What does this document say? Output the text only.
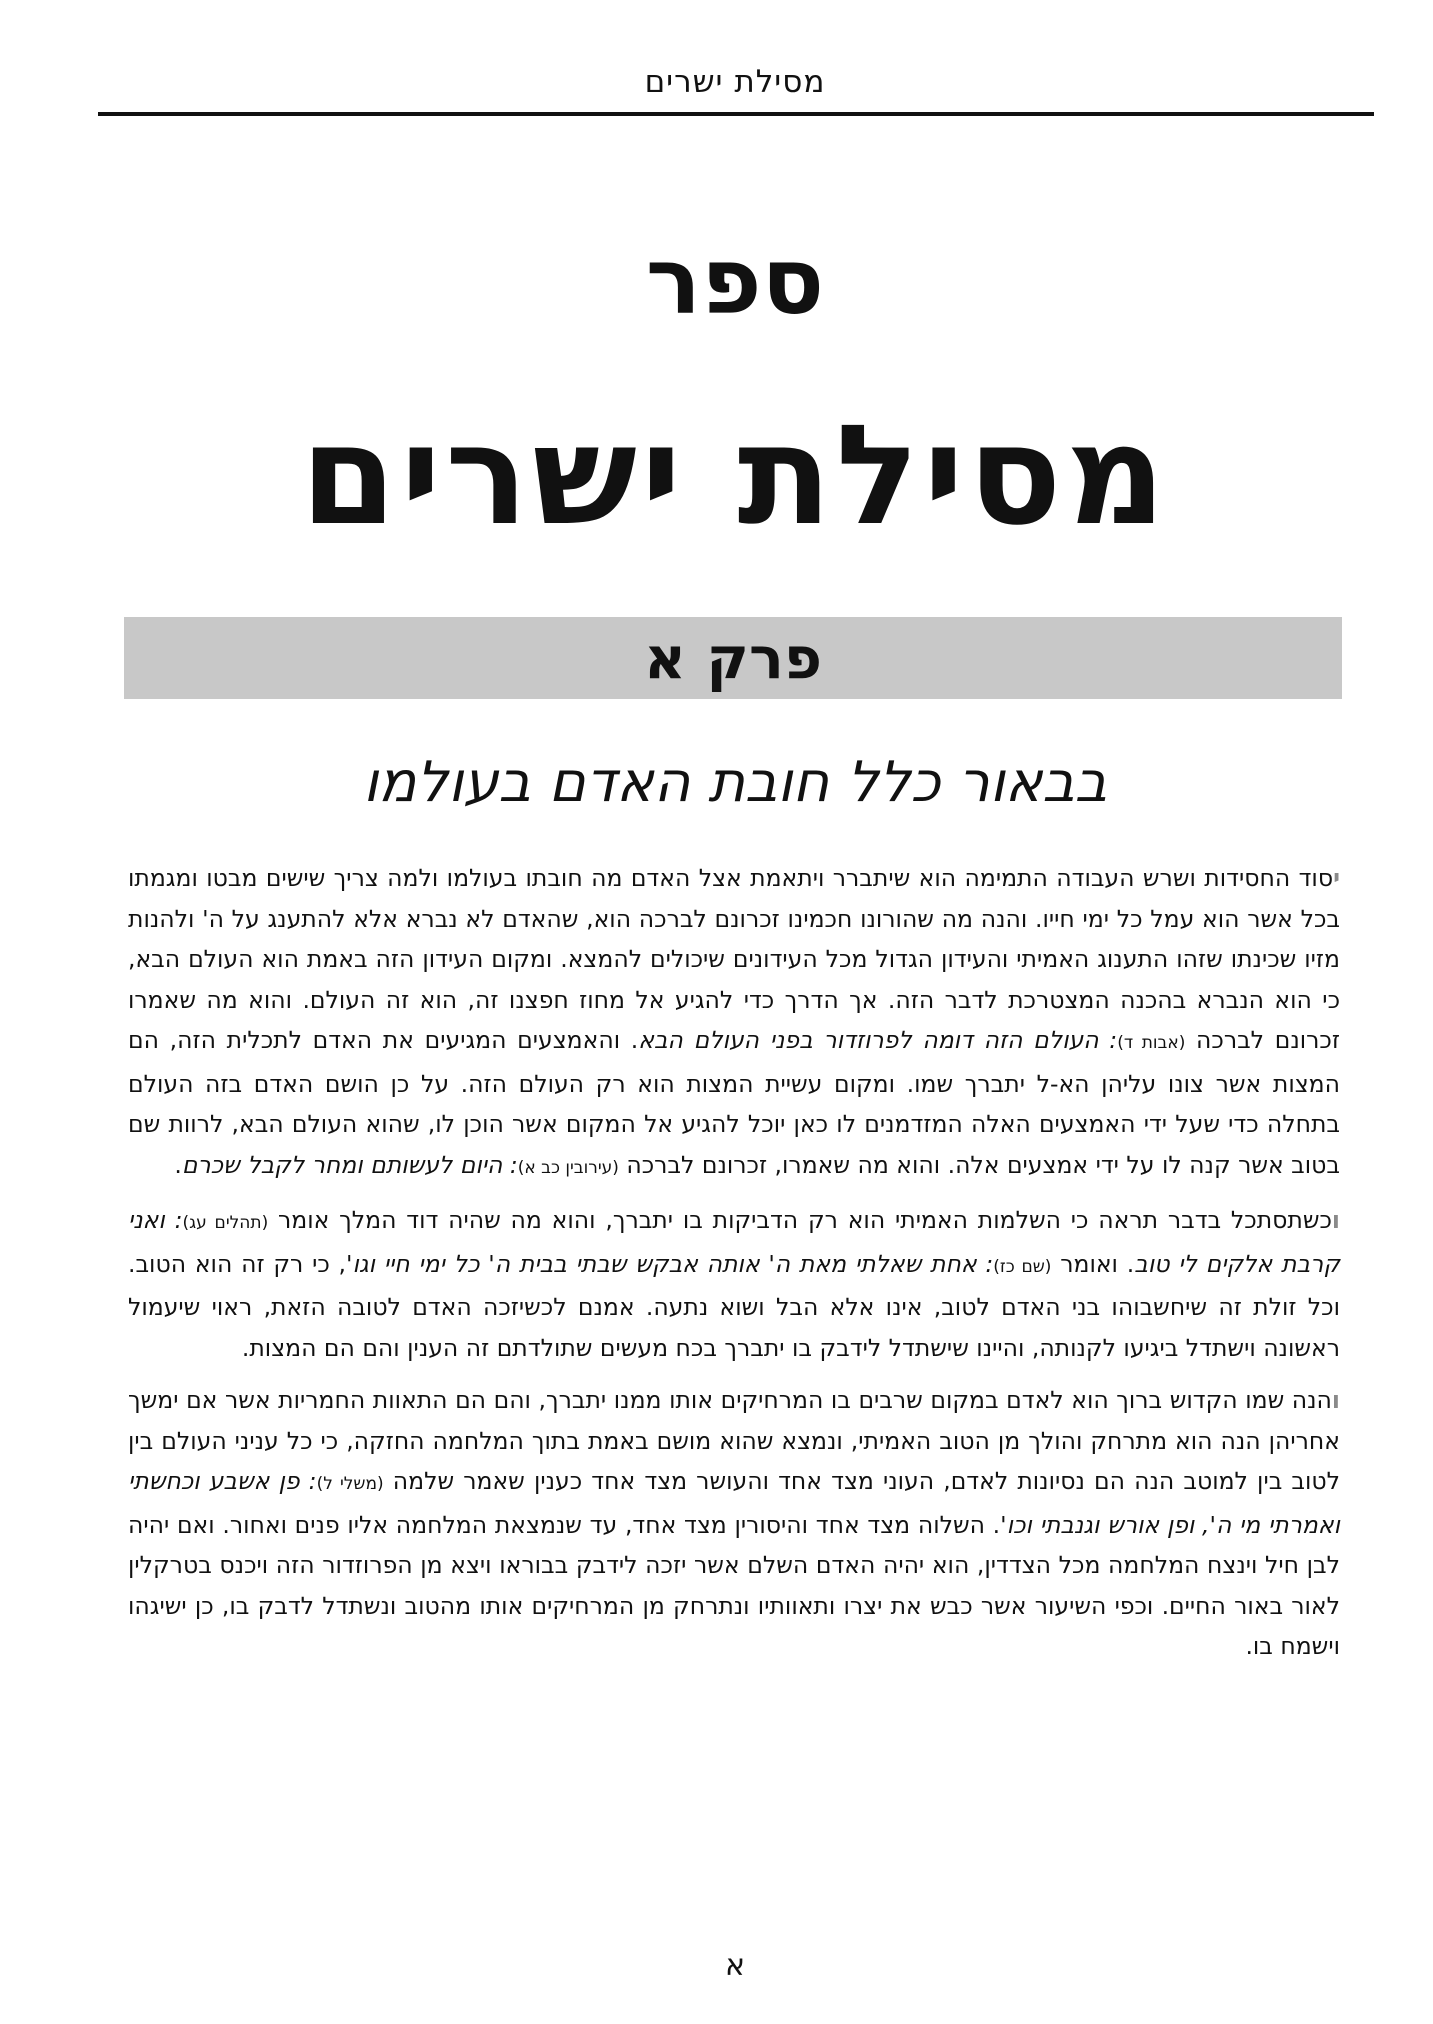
מסילת ישרים
ספר
מסילת ישרים
פרק א
בבאור כלל חובת האדם בעולמו

יסוד החסידות ושרש העבודה התמימה הוא שיתברר ויתאמת אצל האדם מה חובתו בעולמו ולמה צריך שישים מבטו ומגמתו בכל אשר הוא עמל כל ימי חייו. והנה מה שהורונו חכמינו זכרונם לברכה הוא, שהאדם לא נברא אלא להתענג על ה' ולהנות מזיו שכינתו שזהו התענוג האמיתי והעידון הגדול מכל העידונים שיכולים להמצא. ומקום העידון הזה באמת הוא העולם הבא, כי הוא הנברא בהכנה המצטרכת לדבר הזה. אך הדרך כדי להגיע אל מחוז חפצנו זה, הוא זה העולם. והוא מה שאמרו זכרונם לברכה (אבות ד): העולם הזה דומה לפרוזדור בפני העולם הבא. והאמצעים המגיעים את האדם לתכלית הזה, הם המצות אשר צונו עליהן הא-ל יתברך שמו. ומקום עשיית המצות הוא רק העולם הזה. על כן הושם האדם בזה העולם בתחלה כדי שעל ידי האמצעים האלה המזדמנים לו כאן יוכל להגיע אל המקום אשר הוכן לו, שהוא העולם הבא, לרוות שם בטוב אשר קנה לו על ידי אמצעים אלה. והוא מה שאמרו, זכרונם לברכה (עירובין כב א): היום לעשותם ומחר לקבל שכרם.

וכשתסתכל בדבר תראה כי השלמות האמיתי הוא רק הדביקות בו יתברך, והוא מה שהיה דוד המלך אומר (תהלים עג): ואני קרבת אלקים לי טוב. ואומר (שם כז): אחת שאלתי מאת ה' אותה אבקש שבתי בבית ה' כל ימי חיי וגו', כי רק זה הוא הטוב. וכל זולת זה שיחשבוהו בני האדם לטוב, אינו אלא הבל ושוא נתעה. אמנם לכשיזכה האדם לטובה הזאת, ראוי שיעמול ראשונה וישתדל ביגיעו לקנותה, והיינו שישתדל לידבק בו יתברך בכח מעשים שתולדתם זה הענין והם הם המצות.

והנה שמו הקדוש ברוך הוא לאדם במקום שרבים בו המרחיקים אותו ממנו יתברך, והם הם התאוות החמריות אשר אם ימשך אחריהן הנה הוא מתרחק והולך מן הטוב האמיתי, ונמצא שהוא מושם באמת בתוך המלחמה החזקה, כי כל עניני העולם בין לטוב בין למוטב הנה הם נסיונות לאדם, העוני מצד אחד והעושר מצד אחד כענין שאמר שלמה (משלי ל): פן אשבע וכחשתי ואמרתי מי ה', ופן אורש וגנבתי וכו'. השלוה מצד אחד והיסורין מצד אחד, עד שנמצאת המלחמה אליו פנים ואחור. ואם יהיה לבן חיל וינצח המלחמה מכל הצדדין, הוא יהיה האדם השלם אשר יזכה לידבק בבוראו ויצא מן הפרוזדור הזה ויכנס בטרקלין לאור באור החיים. וכפי השיעור אשר כבש את יצרו ותאוותיו ונתרחק מן המרחיקים אותו מהטוב ונשתדל לדבק בו, כן ישיגהו וישמח בו.

א
